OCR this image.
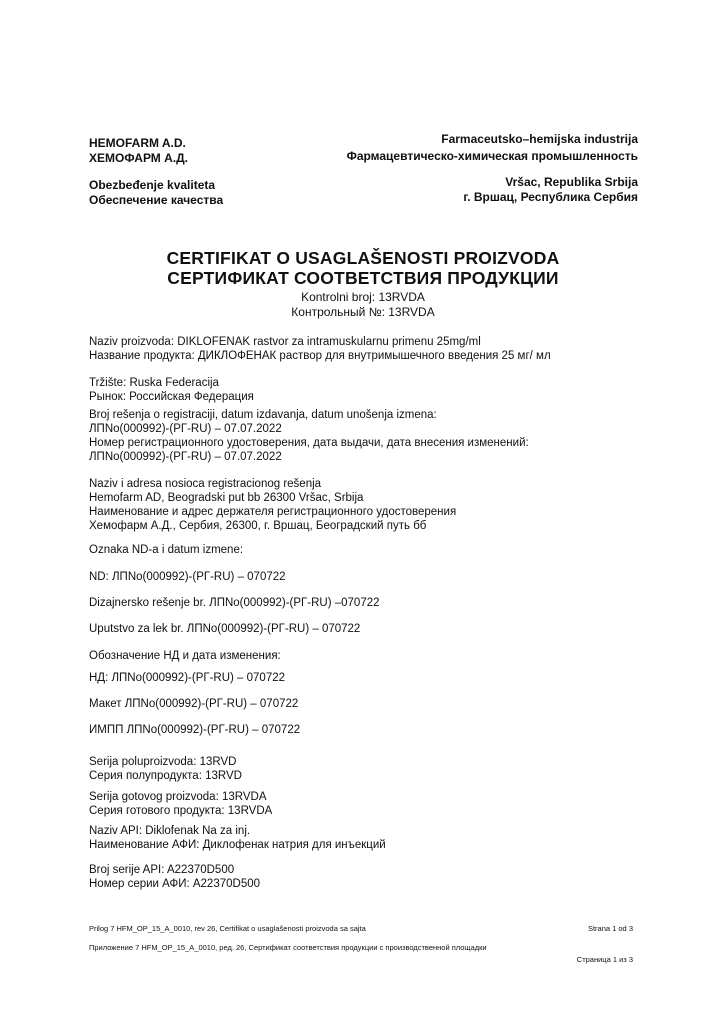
HEMOFARM A.D.
ХЕМОФАРМ А.Д.
Obezbeđenje kvaliteta
Обеспечение качества
Farmaceutsko–hemijska industrija
Фармацевтическо-химическая промышленность
Vršac, Republika Srbija
г. Вршац, Республика Сербия
CERTIFIKAT O USAGLAŠENOSTI PROIZVODA
СЕРТИФИКАТ СООТВЕТСТВИЯ ПРОДУКЦИИ
Kontrolni broj: 13RVDA
Контрольный №: 13RVDA
Naziv proizvoda: DIKLOFENAK rastvor za intramuskularnu primenu 25mg/ml
Название продукта: ДИКЛОФЕНАК раствор для внутримышечного введения 25 мг/ мл
Tržište: Ruska Federacija
Рынок: Российская Федерация
Broj rešenja o registraciji, datum izdavanja, datum unošenja izmena:
ЛПNo(000992)-(РГ-RU) – 07.07.2022
Номер регистрационного удостоверения, дата выдачи, дата внесения изменений:
ЛПNo(000992)-(РГ-RU) – 07.07.2022
Naziv i adresa nosioca registracionog rešenja
Hemofarm AD, Beogradski put bb 26300 Vršac, Srbija
Наименование и адрес держателя регистрационного удостоверения
Хемофарм А.Д., Сербия, 26300, г. Вршац, Београдский путь бб
Oznaka ND-a i datum izmene:
ND: ЛПNo(000992)-(РГ-RU) – 070722
Dizajnersko rešenje br. ЛПNo(000992)-(РГ-RU) –070722
Uputstvo za lek br. ЛПNo(000992)-(РГ-RU) – 070722
Обозначение НД и дата изменения:
НД: ЛПNo(000992)-(РГ-RU) – 070722
Макет ЛПNo(000992)-(РГ-RU) – 070722
ИМПП ЛПNo(000992)-(РГ-RU) – 070722
Serija poluproizvoda: 13RVD
Серия полупродукта: 13RVD
Serija gotovog proizvoda: 13RVDA
Серия готового продукта: 13RVDA
Naziv API: Diklofenak Na za inj.
Наименование АФИ: Диклофенак натрия для инъекций
Broj serije API: A22370D500
Номер серии АФИ: A22370D500
Prilog 7 HFM_OP_15_A_0010, rev 26, Certifikat o usaglašenosti proizvoda sa sajta	Strana 1 od 3
Приложение 7 HFM_OP_15_A_0010, ред. 26, Сертификат соответствия продукции с производственной площадки
Страница 1 из 3
